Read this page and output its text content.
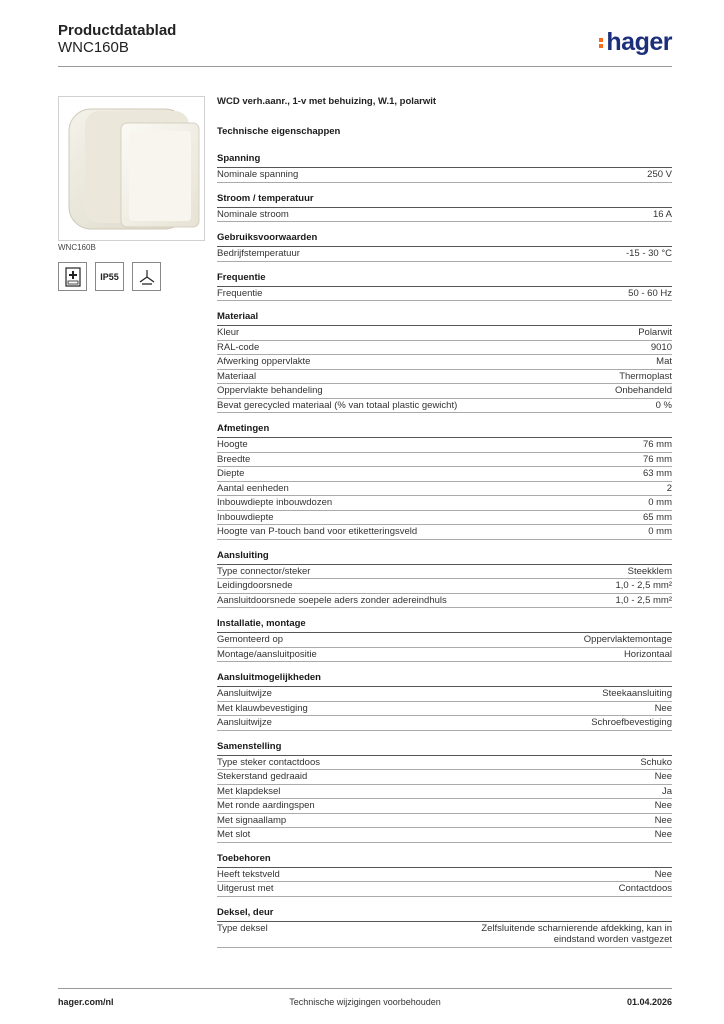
Productdatablad
WNC160B	hager
WNC160B
IP55
WCD verh.aanr., 1-v met behuizing, W.1, polarwit
Technische eigenschappen
Spanning
Nominale spanning	250 V
Stroom / temperatuur
Nominale stroom	16 A
Gebruiksvoorwaarden
Bedrijfstemperatuur	-15 - 30 °C
Frequentie
Frequentie	50 - 60 Hz
Materiaal
Kleur	Polarwit
RAL-code	9010
Afwerking oppervlakte	Mat
Materiaal	Thermoplast
Oppervlakte behandeling	Onbehandeld
Bevat gerecycled materiaal (% van totaal plastic gewicht)	0 %
Afmetingen
Hoogte	76 mm
Breedte	76 mm
Diepte	63 mm
Aantal eenheden	2
Inbouwdiepte inbouwdozen	0 mm
Inbouwdiepte	65 mm
Hoogte van P-touch band voor etiketteringsveld	0 mm
Aansluiting
Type connector/steker	Steekklem
Leidingdoorsnede	1,0 - 2,5 mm²
Aansluitdoorsnede soepele aders zonder adereindhuls	1,0 - 2,5 mm²
Installatie, montage
Gemonteerd op	Oppervlaktemontage
Montage/aansluitpositie	Horizontaal
Aansluitmogelijkheden
Aansluitwijze	Steekaansluiting
Met klauwbevestiging	Nee
Aansluitwijze	Schroefbevestiging
Samenstelling
Type steker contactdoos	Schuko
Stekerstand gedraaid	Nee
Met klapdeksel	Ja
Met ronde aardingspen	Nee
Met signaallamp	Nee
Met slot	Nee
Toebehoren
Heeft tekstveld	Nee
Uitgerust met	Contactdoos
Deksel, deur
Type deksel	Zelfsluitende scharnierende afdekking, kan in eindstand worden vastgezet
hager.com/nl	Technische wijzigingen voorbehouden	01.04.2026
